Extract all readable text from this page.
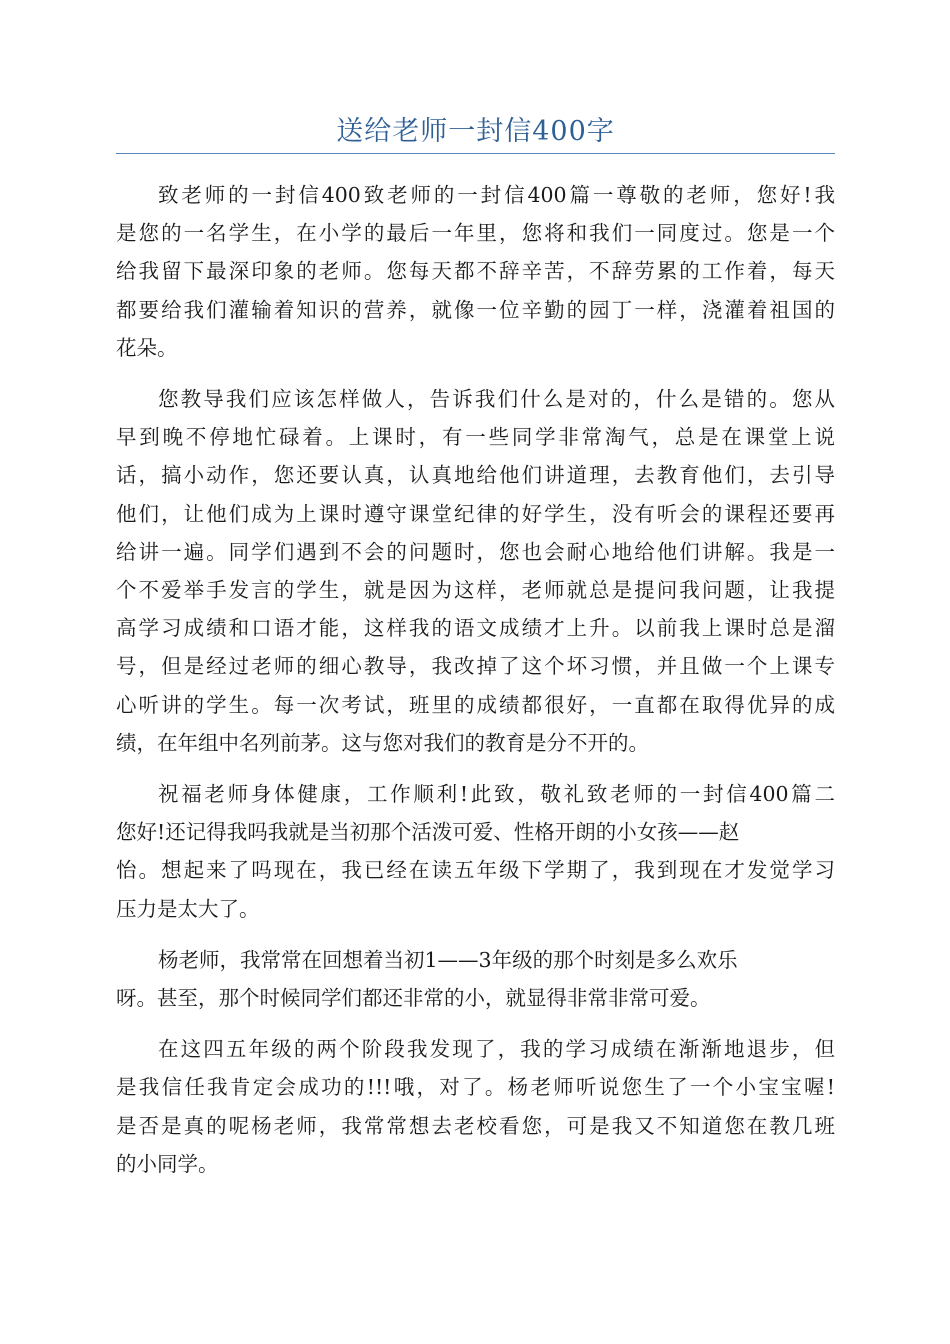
送给老师一封信400字
致老师的一封信400致老师的一封信400篇一尊敬的老师，您好!我
是您的一名学生，在小学的最后一年里，您将和我们一同度过。您是一个
给我留下最深印象的老师。您每天都不辞辛苦，不辞劳累的工作着，每天
都要给我们灌输着知识的营养，就像一位辛勤的园丁一样，浇灌着祖国的
花朵。
您教导我们应该怎样做人，告诉我们什么是对的，什么是错的。您从
早到晚不停地忙碌着。上课时，有一些同学非常淘气，总是在课堂上说
话，搞小动作，您还要认真，认真地给他们讲道理，去教育他们，去引导
他们，让他们成为上课时遵守课堂纪律的好学生，没有听会的课程还要再
给讲一遍。同学们遇到不会的问题时，您也会耐心地给他们讲解。我是一
个不爱举手发言的学生，就是因为这样，老师就总是提问我问题，让我提
高学习成绩和口语才能，这样我的语文成绩才上升。以前我上课时总是溜
号，但是经过老师的细心教导，我改掉了这个坏习惯，并且做一个上课专
心听讲的学生。每一次考试，班里的成绩都很好，一直都在取得优异的成
绩，在年组中名列前茅。这与您对我们的教育是分不开的。
祝福老师身体健康，工作顺利!此致，敬礼致老师的一封信400篇二
您好!还记得我吗我就是当初那个活泼可爱、性格开朗的小女孩——赵
怡。想起来了吗现在，我已经在读五年级下学期了，我到现在才发觉学习
压力是太大了。
杨老师，我常常在回想着当初1——3年级的那个时刻是多么欢乐
呀。甚至，那个时候同学们都还非常的小，就显得非常非常可爱。
在这四五年级的两个阶段我发现了，我的学习成绩在渐渐地退步，但
是我信任我肯定会成功的!!!哦，对了。杨老师听说您生了一个小宝宝喔!
是否是真的呢杨老师，我常常想去老校看您，可是我又不知道您在教几班
的小同学。
